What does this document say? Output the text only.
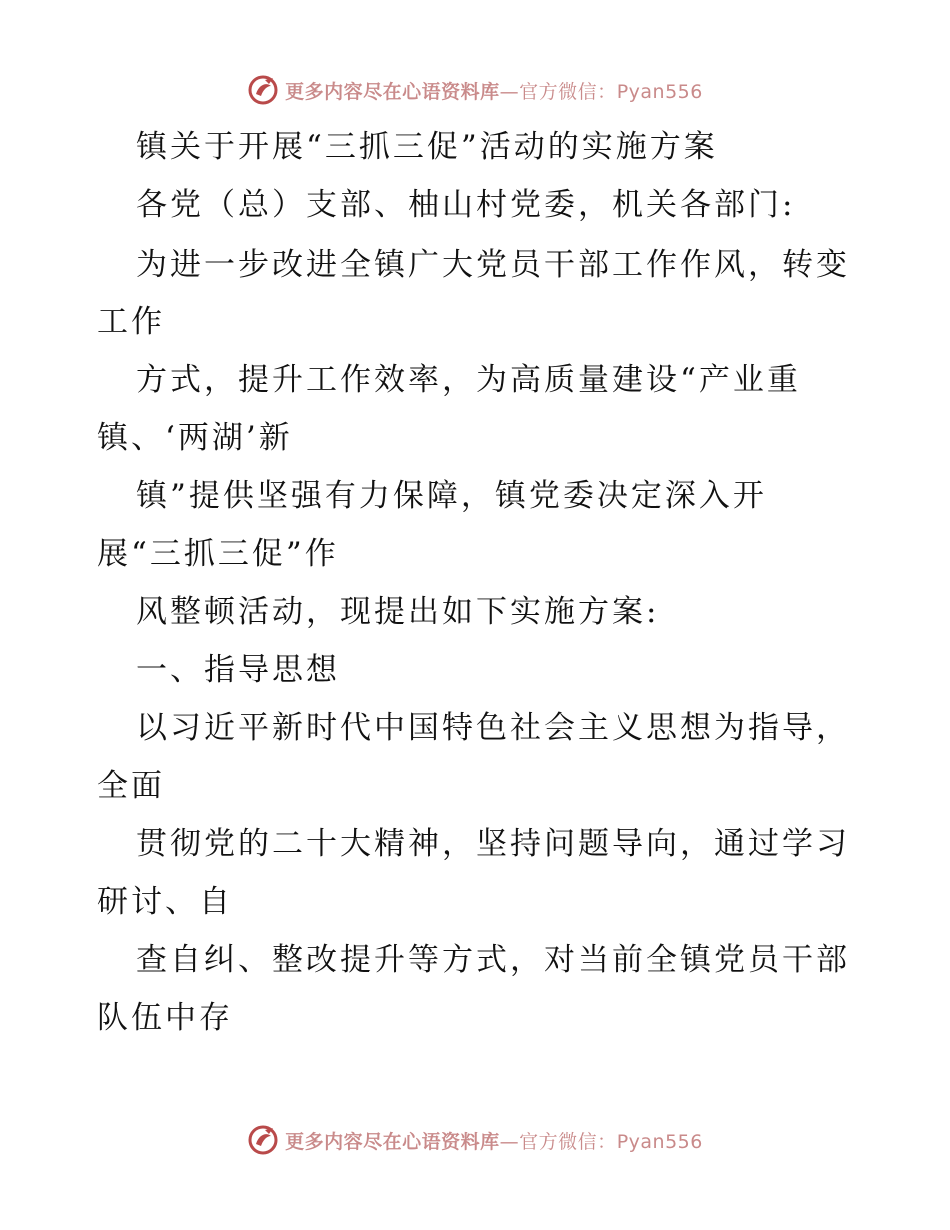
更多内容尽在心语资料库—官方微信：Pyan556
镇关于开展“三抓三促”活动的实施方案
各党（总）支部、柚山村党委，机关各部门:
为进一步改进全镇广大党员干部工作作风，转变
工作
方式，提升工作效率，为高质量建设“产业重
镇、‘两湖’新
镇”提供坚强有力保障，镇党委决定深入开
展“三抓三促”作
风整顿活动，现提出如下实施方案:
一、指导思想
以习近平新时代中国特色社会主义思想为指导，
全面
贯彻党的二十大精神，坚持问题导向，通过学习
研讨、自
查自纠、整改提升等方式，对当前全镇党员干部
队伍中存
更多内容尽在心语资料库—官方微信：Pyan556
